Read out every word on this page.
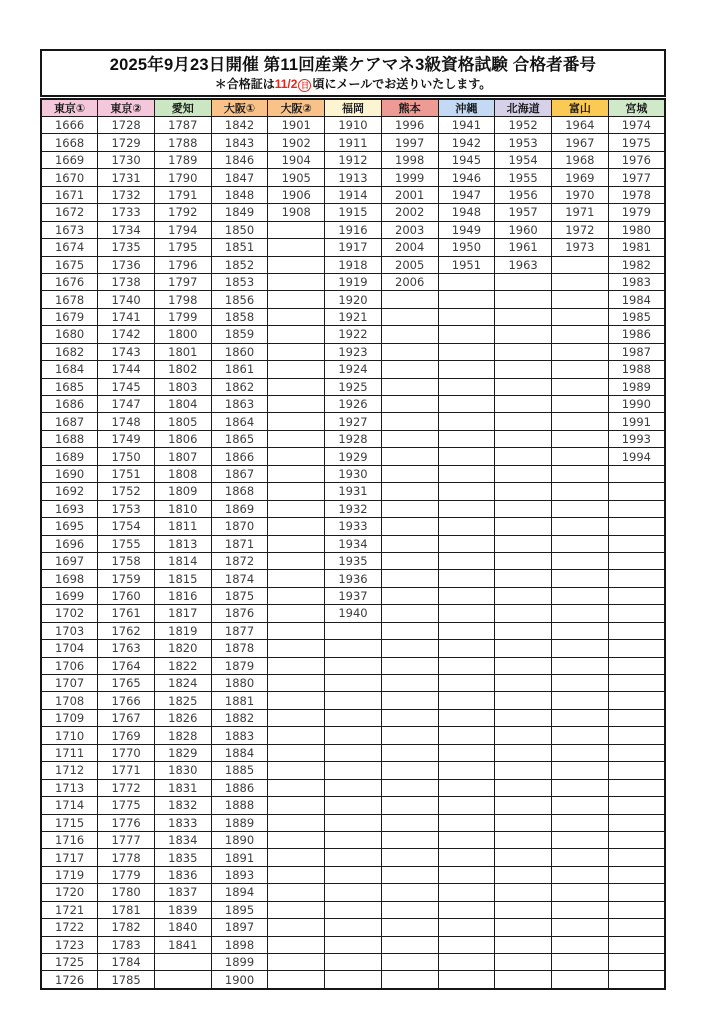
2025年9月23日開催 第11回産業ケアマネ3級資格試験 合格者番号
＊合格証は11/2 日 頃にメールでお送りいたします。
東京①	東京②	愛知	大阪①	大阪②	福岡	熊本	沖縄	北海道	富山	宮城
1666	1728	1787	1842	1901	1910	1996	1941	1952	1964	1974
1668	1729	1788	1843	1902	1911	1997	1942	1953	1967	1975
1669	1730	1789	1846	1904	1912	1998	1945	1954	1968	1976
1670	1731	1790	1847	1905	1913	1999	1946	1955	1969	1977
1671	1732	1791	1848	1906	1914	2001	1947	1956	1970	1978
1672	1733	1792	1849	1908	1915	2002	1948	1957	1971	1979
1673	1734	1794	1850		1916	2003	1949	1960	1972	1980
1674	1735	1795	1851		1917	2004	1950	1961	1973	1981
1675	1736	1796	1852		1918	2005	1951	1963		1982
1676	1738	1797	1853		1919	2006				1983
1678	1740	1798	1856		1920					1984
1679	1741	1799	1858		1921					1985
1680	1742	1800	1859		1922					1986
1682	1743	1801	1860		1923					1987
1684	1744	1802	1861		1924					1988
1685	1745	1803	1862		1925					1989
1686	1747	1804	1863		1926					1990
1687	1748	1805	1864		1927					1991
1688	1749	1806	1865		1928					1993
1689	1750	1807	1866		1929					1994
1690	1751	1808	1867		1930					
1692	1752	1809	1868		1931					
1693	1753	1810	1869		1932					
1695	1754	1811	1870		1933					
1696	1755	1813	1871		1934					
1697	1758	1814	1872		1935					
1698	1759	1815	1874		1936					
1699	1760	1816	1875		1937					
1702	1761	1817	1876		1940					
1703	1762	1819	1877							
1704	1763	1820	1878							
1706	1764	1822	1879							
1707	1765	1824	1880							
1708	1766	1825	1881							
1709	1767	1826	1882							
1710	1769	1828	1883							
1711	1770	1829	1884							
1712	1771	1830	1885							
1713	1772	1831	1886							
1714	1775	1832	1888							
1715	1776	1833	1889							
1716	1777	1834	1890							
1717	1778	1835	1891							
1719	1779	1836	1893							
1720	1780	1837	1894							
1721	1781	1839	1895							
1722	1782	1840	1897							
1723	1783	1841	1898							
1725	1784		1899							
1726	1785		1900							
